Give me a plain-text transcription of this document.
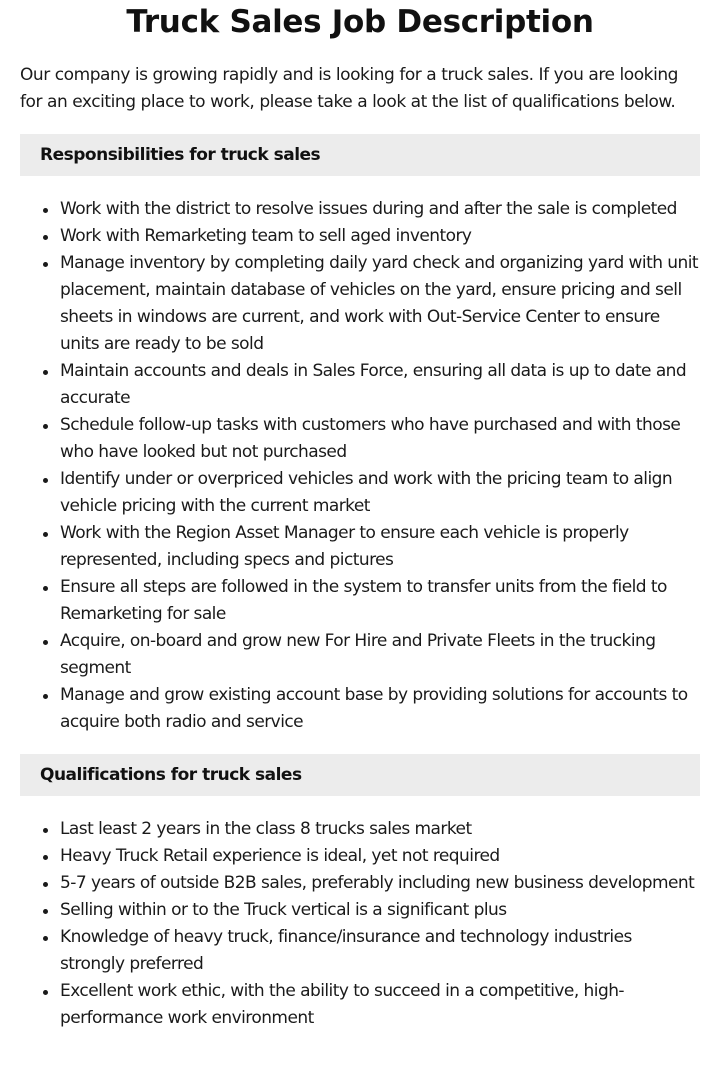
Truck Sales Job Description

Our company is growing rapidly and is looking for a truck sales. If you are looking for an exciting place to work, please take a look at the list of qualifications below.

Responsibilities for truck sales
Work with the district to resolve issues during and after the sale is completed
Work with Remarketing team to sell aged inventory
Manage inventory by completing daily yard check and organizing yard with unit placement, maintain database of vehicles on the yard, ensure pricing and sell sheets in windows are current, and work with Out-Service Center to ensure units are ready to be sold
Maintain accounts and deals in Sales Force, ensuring all data is up to date and accurate
Schedule follow-up tasks with customers who have purchased and with those who have looked but not purchased
Identify under or overpriced vehicles and work with the pricing team to align vehicle pricing with the current market
Work with the Region Asset Manager to ensure each vehicle is properly represented, including specs and pictures
Ensure all steps are followed in the system to transfer units from the field to Remarketing for sale
Acquire, on-board and grow new For Hire and Private Fleets in the trucking segment
Manage and grow existing account base by providing solutions for accounts to acquire both radio and service
Qualifications for truck sales
Last least 2 years in the class 8 trucks sales market
Heavy Truck Retail experience is ideal, yet not required
5-7 years of outside B2B sales, preferably including new business development
Selling within or to the Truck vertical is a significant plus
Knowledge of heavy truck, finance/insurance and technology industries strongly preferred
Excellent work ethic, with the ability to succeed in a competitive, high-performance work environment
